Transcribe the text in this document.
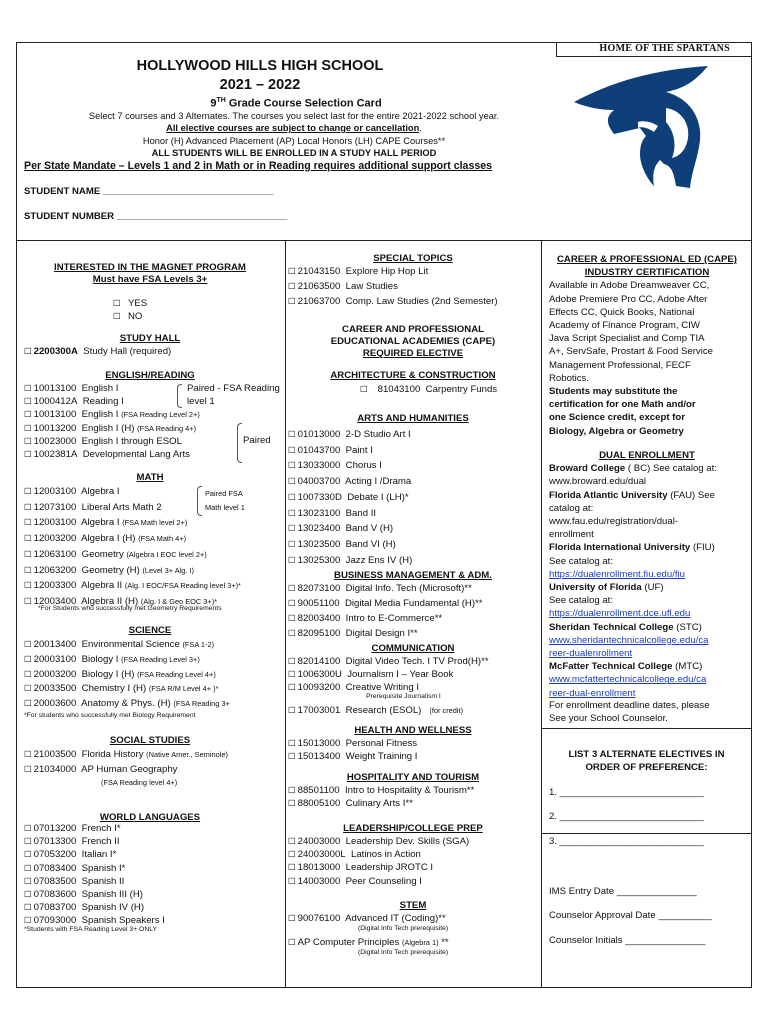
HOME OF THE SPARTANS
HOLLYWOOD HILLS HIGH SCHOOL
2021 – 2022
9TH Grade Course Selection Card
Select 7 courses and 3 Alternates. The courses you select last for the entire 2021-2022 school year.
All elective courses are subject to change or cancellation.
Honor (H) Advanced Placement (AP) Local Honors (LH) CAPE Courses**
ALL STUDENTS WILL BE ENROLLED IN A STUDY HALL PERIOD
Per State Mandate – Levels 1 and 2 in Math or in Reading requires additional support classes
STUDENT NAME ________________________________
STUDENT NUMBER ________________________________
INTERESTED IN THE MAGNET PROGRAM
Must have FSA Levels 3+
☐ YES
☐ NO
STUDY HALL
☐ 2200300A Study Hall (required)
ENGLISH/READING
☐ 10013100 English I
☐ 1000412A Reading I
☐ 10013100 English I (FSA Reading Level 2+)
☐ 10013200 English I (H) (FSA Reading 4+)
☐ 10023000 English I through ESOL
☐ 1002381A Developmental Lang Arts
Paired - FSA Reading
level 1
Paired
MATH
☐ 12003100 Algebra I
☐ 12073100 Liberal Arts Math 2
☐ 12003100 Algebra I (FSA Math level 2+)
☐ 12003200 Algebra I (H) (FSA Math 4+)
☐ 12063100 Geometry (Algebra I EOC level 2+)
☐ 12063200 Geometry (H) (Level 3+ Alg. I)
☐ 12003300 Algebra II (Alg. I EOC/FSA Reading level 3+)*
☐ 12003400 Algebra II (H) (Alg. I & Geo EOC 3+)*
Paired FSA
Math level 1
*For Students who successfully met Geometry Requirements
SCIENCE
☐ 20013400 Environmental Science (FSA 1-2)
☐ 20003100 Biology I (FSA Reading Level 3+)
☐ 20003200 Biology I (H) (FSA Reading Level 4+)
☐ 20033500 Chemistry I (H) (FSA R/M Level 4+ )*
☐ 20003600 Anatomy & Phys. (H) (FSA Reading 3+
*For students who successfully met Biology Requirement
SOCIAL STUDIES
☐ 21003500 Florida History (Native Amer., Seminole)
☐ 21034000 AP Human Geography
(FSA Reading level 4+)
WORLD LANGUAGES
☐ 07013200 French I*
☐ 07013300 French II
☐ 07053200 Italian I*
☐ 07083400 Spanish I*
☐ 07083500 Spanish II
☐ 07083600 Spanish III (H)
☐ 07083700 Spanish IV (H)
☐ 07093000 Spanish Speakers I
*Students with FSA Reading Level 3+ ONLY
SPECIAL TOPICS
☐ 21043150 Explore Hip Hop Lit
☐ 21063500 Law Studies
☐ 21063700 Comp. Law Studies (2nd Semester)
CAREER AND PROFESSIONAL
EDUCATIONAL ACADEMIES (CAPE)
REQUIRED ELECTIVE
ARCHITECTURE & CONSTRUCTION
☐ 81043100 Carpentry Funds
ARTS AND HUMANITIES
☐ 01013000 2-D Studio Art I
☐ 01043700 Paint I
☐ 13033000 Chorus I
☐ 04003700 Acting I /Drama
☐ 1007330D Debate I (LH)*
☐ 13023100 Band II
☐ 13023400 Band V (H)
☐ 13023500 Band VI (H)
☐ 13025300 Jazz Ens IV (H)
BUSINESS MANAGEMENT & ADM.
☐ 82073100 Digital Info. Tech (Microsoft)**
☐ 90051100 Digital Media Fundamental (H)**
☐ 82003400 Intro to E-Commerce**
☐ 82095100 Digital Design I**
COMMUNICATION
☐ 82014100 Digital Video Tech. I TV Prod(H)**
☐ 1006300U Journalism I – Year Book
☐ 10093200 Creative Writing I
Prerequisite Journalism I
☐ 17003001 Research (ESOL) (for credit)
HEALTH AND WELLNESS
☐ 15013000 Personal Fitness
☐ 15013400 Weight Training I
HOSPITALITY AND TOURISM
☐ 88501100 Intro to Hospitality & Tourism**
☐ 88005100 Culinary Arts I**
LEADERSHIP/COLLEGE PREP
☐ 24003000 Leadership Dev. Skills (SGA)
☐ 24003000L Latinos in Action
☐ 18013000 Leadership JROTC I
☐ 14003000 Peer Counseling I
STEM
☐ 90076100 Advanced IT (Coding)**
(Digital Info Tech prerequisite)
☐ AP Computer Principles (Algebra 1) **
(Digital Info Tech prerequisite)
CAREER & PROFESSIONAL ED (CAPE)
INDUSTRY CERTIFICATION
Available in Adobe Dreamweaver CC,
Adobe Premiere Pro CC, Adobe After
Effects CC, Quick Books, National
Academy of Finance Program, CIW
Java Script Specialist and Comp TIA
A+, ServSafe, Prostart & Food Service
Management Professional, FECF
Robotics.
Students may substitute the
certification for one Math and/or
one Science credit, except for
Biology, Algebra or Geometry
DUAL ENROLLMENT
Broward College ( BC) See catalog at:
www.broward.edu/dual
Florida Atlantic University (FAU) See
catalog at:
www.fau.edu/registration/dual-
enrollment
Florida International University (FIU)
See catalog at:
https://dualenrollment.fiu.edu/fiu
University of Florida (UF)
See catalog at:
https://dualenrollment.dce.ufl.edu
Sheridan Technical College (STC)
www.sheridantechnicalcollege.edu/ca
reer-dualenrollment
McFatter Technical College (MTC)
www.mcfattertechnicalcollege.edu/ca
reer-dual-enrollment
For enrollment deadline dates, please
See your School Counselor.
LIST 3 ALTERNATE ELECTIVES IN
ORDER OF PREFERENCE:
1. ___________________________
2. ___________________________
3. ___________________________
IMS Entry Date _______________
Counselor Approval Date __________
Counselor Initials _______________
